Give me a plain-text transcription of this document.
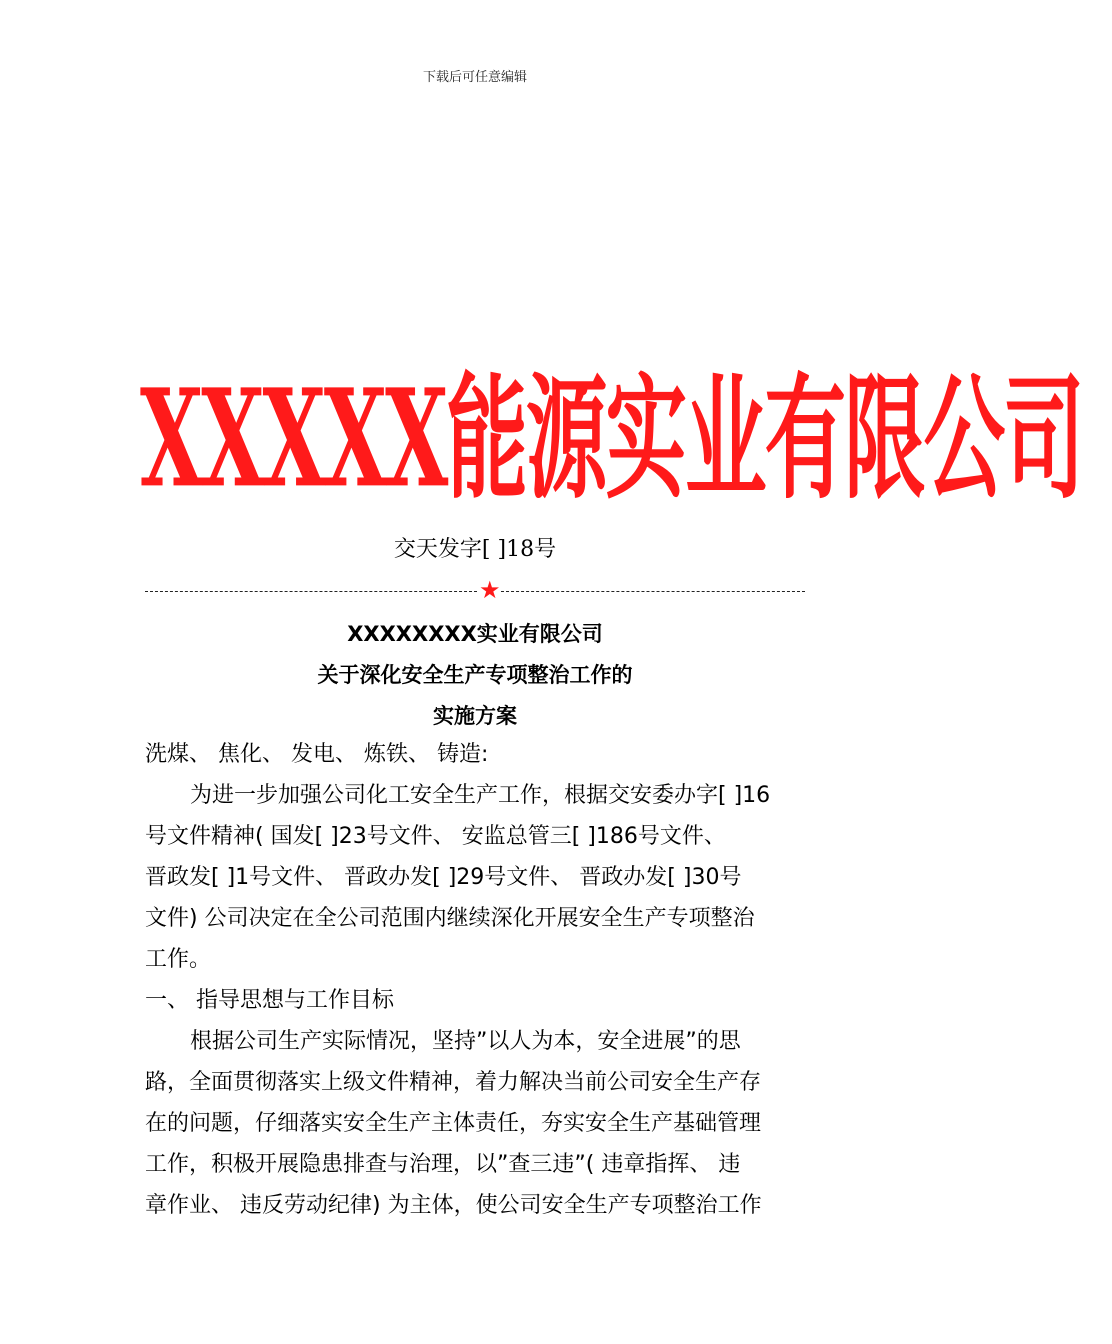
下载后可任意编辑
XXXXX能源实业有限公司
交天发字[ ]18号
★
XXXXXXXX实业有限公司
关于深化安全生产专项整治工作的
实施方案
洗煤、 焦化、 发电、 炼铁、 铸造:
为进一步加强公司化工安全生产工作，根据交安委办字[ ]16
号文件精神( 国发[ ]23号文件、 安监总管三[ ]186号文件、
晋政发[ ]1号文件、 晋政办发[ ]29号文件、 晋政办发[ ]30号
文件) 公司决定在全公司范围内继续深化开展安全生产专项整治
工作。
一、 指导思想与工作目标
根据公司生产实际情况，坚持”以人为本，安全进展”的思
路，全面贯彻落实上级文件精神，着力解决当前公司安全生产存
在的问题，仔细落实安全生产主体责任，夯实安全生产基础管理
工作，积极开展隐患排查与治理，以”查三违”( 违章指挥、 违
章作业、 违反劳动纪律) 为主体，使公司安全生产专项整治工作
